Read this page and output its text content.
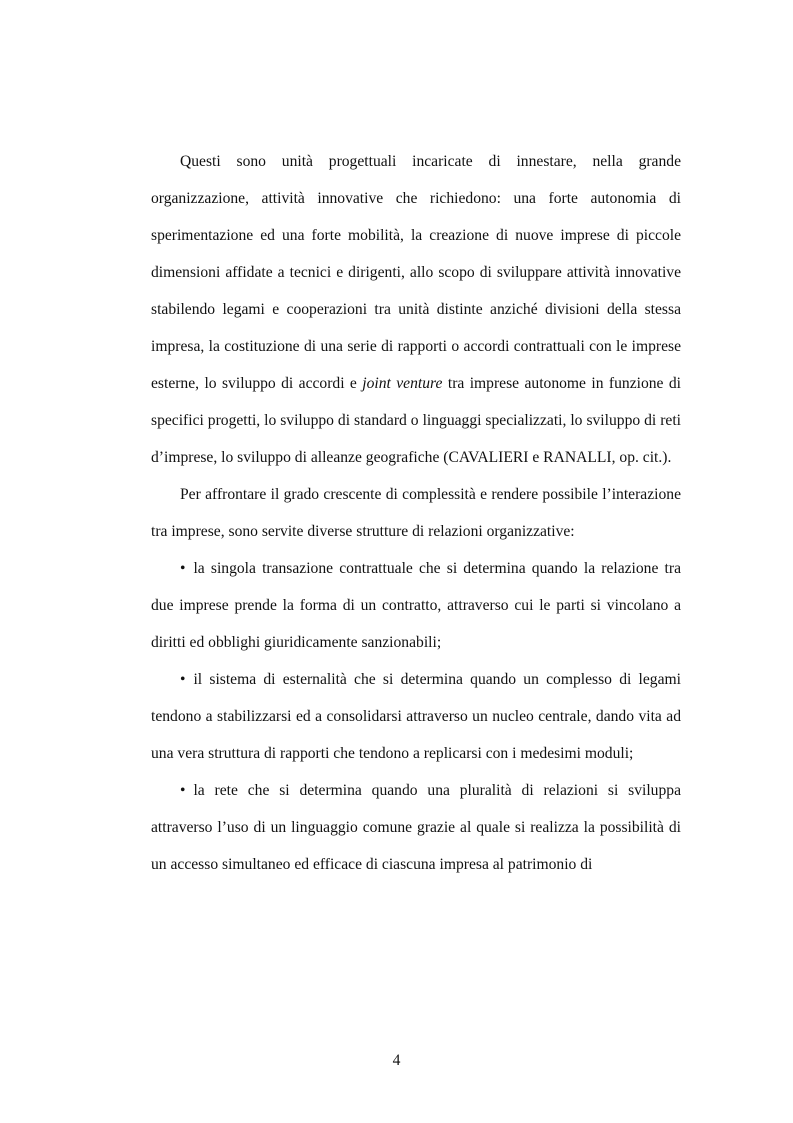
Questi sono unità progettuali incaricate di innestare, nella grande organizzazione, attività innovative che richiedono: una forte autonomia di sperimentazione ed una forte mobilità, la creazione di nuove imprese di piccole dimensioni affidate a tecnici e dirigenti, allo scopo di sviluppare attività innovative stabilendo legami e cooperazioni tra unità distinte anziché divisioni della stessa impresa, la costituzione di una serie di rapporti o accordi contrattuali con le imprese esterne, lo sviluppo di accordi e joint venture tra imprese autonome in funzione di specifici progetti, lo sviluppo di standard o linguaggi specializzati, lo sviluppo di reti d’imprese, lo sviluppo di alleanze geografiche (CAVALIERI e RANALLI, op. cit.).

Per affrontare il grado crescente di complessità e rendere possibile l’interazione tra imprese, sono servite diverse strutture di relazioni organizzative:

• la singola transazione contrattuale che si determina quando la relazione tra due imprese prende la forma di un contratto, attraverso cui le parti si vincolano a diritti ed obblighi giuridicamente sanzionabili;

• il sistema di esternalità che si determina quando un complesso di legami tendono a stabilizzarsi ed a consolidarsi attraverso un nucleo centrale, dando vita ad una vera struttura di rapporti che tendono a replicarsi con i medesimi moduli;

• la rete che si determina quando una pluralità di relazioni si sviluppa attraverso l’uso di un linguaggio comune grazie al quale si realizza la possibilità di un accesso simultaneo ed efficace di ciascuna impresa al patrimonio di

4
